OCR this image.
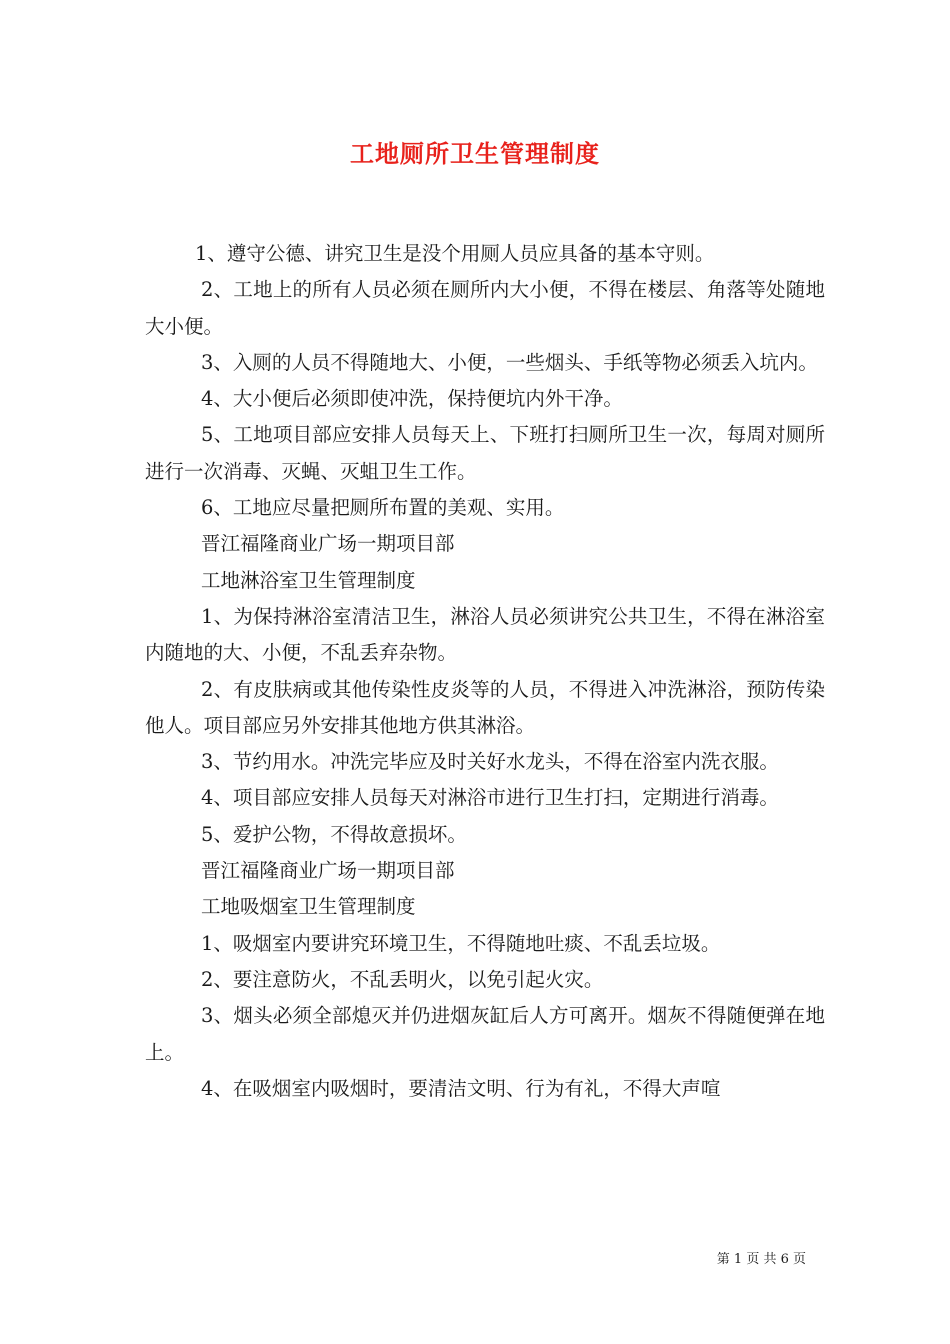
工地厕所卫生管理制度

1、遵守公德、讲究卫生是没个用厕人员应具备的基本守则。

2、工地上的所有人员必须在厕所内大小便，不得在楼层、角落等处随地大小便。

3、入厕的人员不得随地大、小便，一些烟头、手纸等物必须丢入坑内。

4、大小便后必须即使冲洗，保持便坑内外干净。

5、工地项目部应安排人员每天上、下班打扫厕所卫生一次，每周对厕所进行一次消毒、灭蝇、灭蛆卫生工作。

6、工地应尽量把厕所布置的美观、实用。

晋江福隆商业广场一期项目部

工地淋浴室卫生管理制度

1、为保持淋浴室清洁卫生，淋浴人员必须讲究公共卫生，不得在淋浴室内随地的大、小便，不乱丢弃杂物。

2、有皮肤病或其他传染性皮炎等的人员，不得进入冲洗淋浴，预防传染他人。项目部应另外安排其他地方供其淋浴。

3、节约用水。冲洗完毕应及时关好水龙头，不得在浴室内洗衣服。

4、项目部应安排人员每天对淋浴市进行卫生打扫，定期进行消毒。

5、爱护公物，不得故意损坏。

晋江福隆商业广场一期项目部

工地吸烟室卫生管理制度

1、吸烟室内要讲究环境卫生，不得随地吐痰、不乱丢垃圾。

2、要注意防火，不乱丢明火，以免引起火灾。

3、烟头必须全部熄灭并仍进烟灰缸后人方可离开。烟灰不得随便弹在地上。

4、在吸烟室内吸烟时，要清洁文明、行为有礼，不得大声喧

第 1 页 共 6 页
